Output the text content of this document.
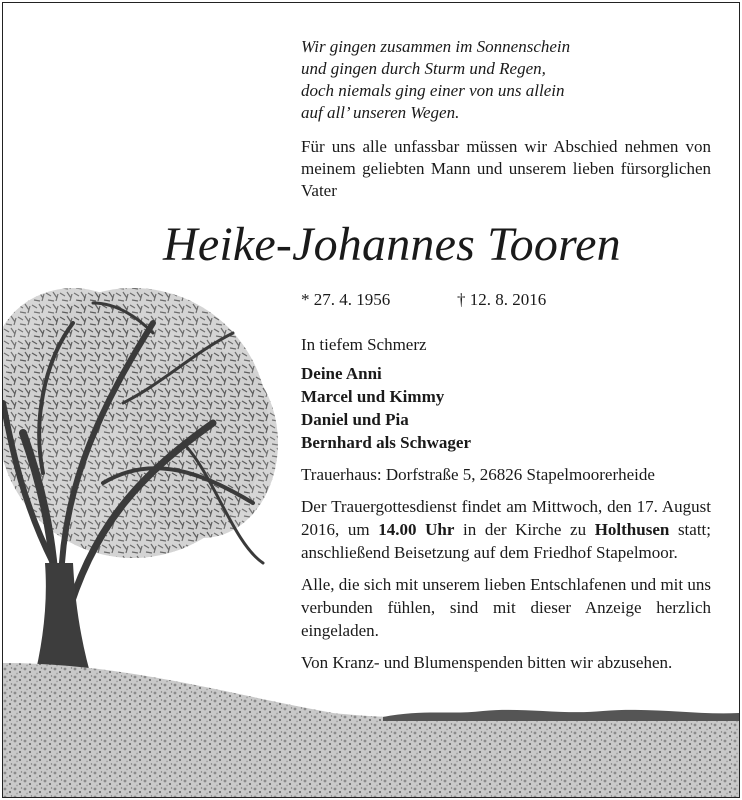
Wir gingen zusammen im Sonnenschein
und gingen durch Sturm und Regen,
doch niemals ging einer von uns allein
auf all’ unseren Wegen.

Für uns alle unfassbar müssen wir Abschied nehmen von meinem geliebten Mann und unserem lieben fürsorglichen Vater

Heike-Johannes Tooren
* 27. 4. 1956	† 12. 8. 2016
In tiefem Schmerz
Deine Anni
Marcel und Kimmy
Daniel und Pia
Bernhard als Schwager

Trauerhaus: Dorfstraße 5, 26826 Stapelmoorerheide

Der Trauergottesdienst findet am Mittwoch, den 17. August 2016, um 14.00 Uhr in der Kirche zu Holthusen statt; anschließend Beisetzung auf dem Friedhof Stapelmoor.

Alle, die sich mit unserem lieben Entschlafenen und mit uns verbunden fühlen, sind mit dieser Anzeige herzlich eingeladen.

Von Kranz- und Blumenspenden bitten wir abzusehen.
